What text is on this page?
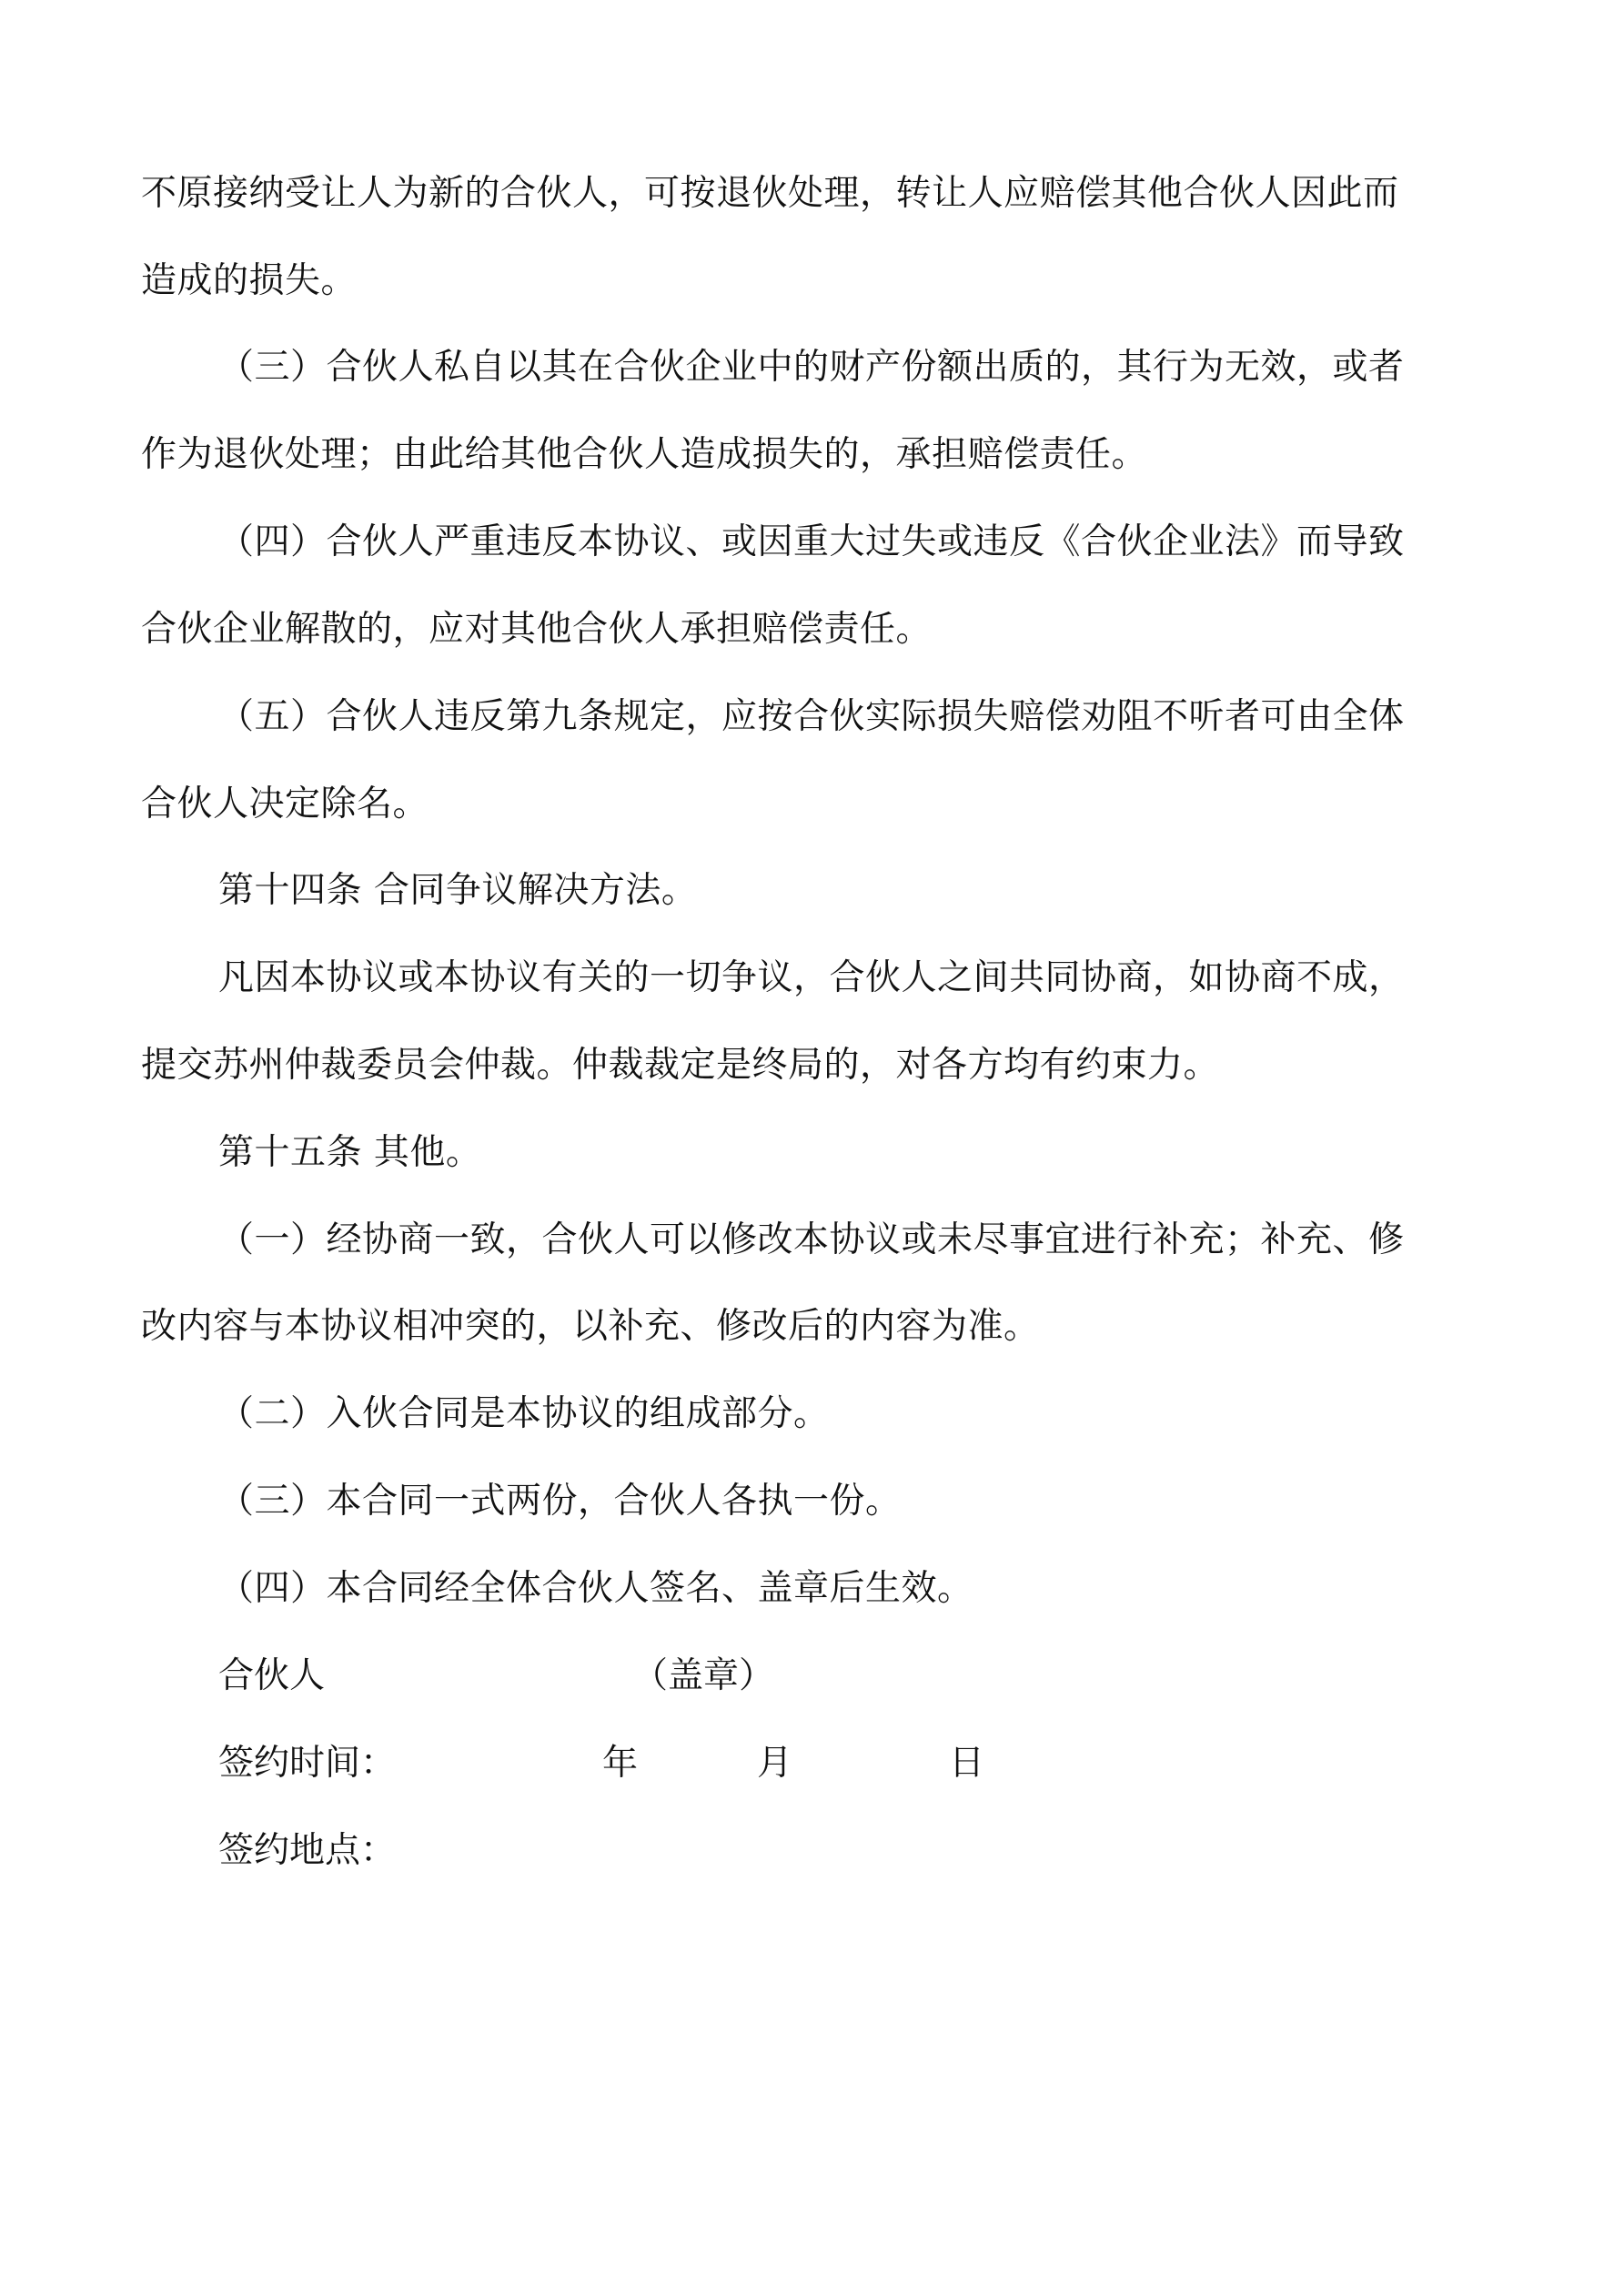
不原接纳受让人为新的合伙人，可按退伙处理，转让人应赔偿其他合伙人因此而
造成的损失。
（三）合伙人私自以其在合伙企业中的财产份额出质的，其行为无效，或者
作为退伙处理；由此给其他合伙人造成损失的，承担赔偿责任。
（四）合伙人严重违反本协议、或因重大过失或违反《合伙企业法》而导致
合伙企业解散的，应对其他合伙人承担赔偿责任。
（五）合伙人违反第九条规定，应按合伙实际损失赔偿劝阻不听者可由全体
合伙人决定除名。
第十四条 合同争议解决方法。
凡因本协议或本协议有关的一切争议，合伙人之间共同协商，如协商不成，
提交苏州仲裁委员会仲裁。仲裁裁定是终局的，对各方均有约束力。
第十五条 其他。
（一）经协商一致，合伙人可以修改本协议或未尽事宜进行补充；补充、修
改内容与本协议相冲突的，以补充、修改后的内容为准。
（二）入伙合同是本协议的组成部分。
（三）本合同一式两份，合伙人各执一份。
（四）本合同经全体合伙人签名、盖章后生效。
合伙人	（盖章）
签约时间：	年	月	日
签约地点：
